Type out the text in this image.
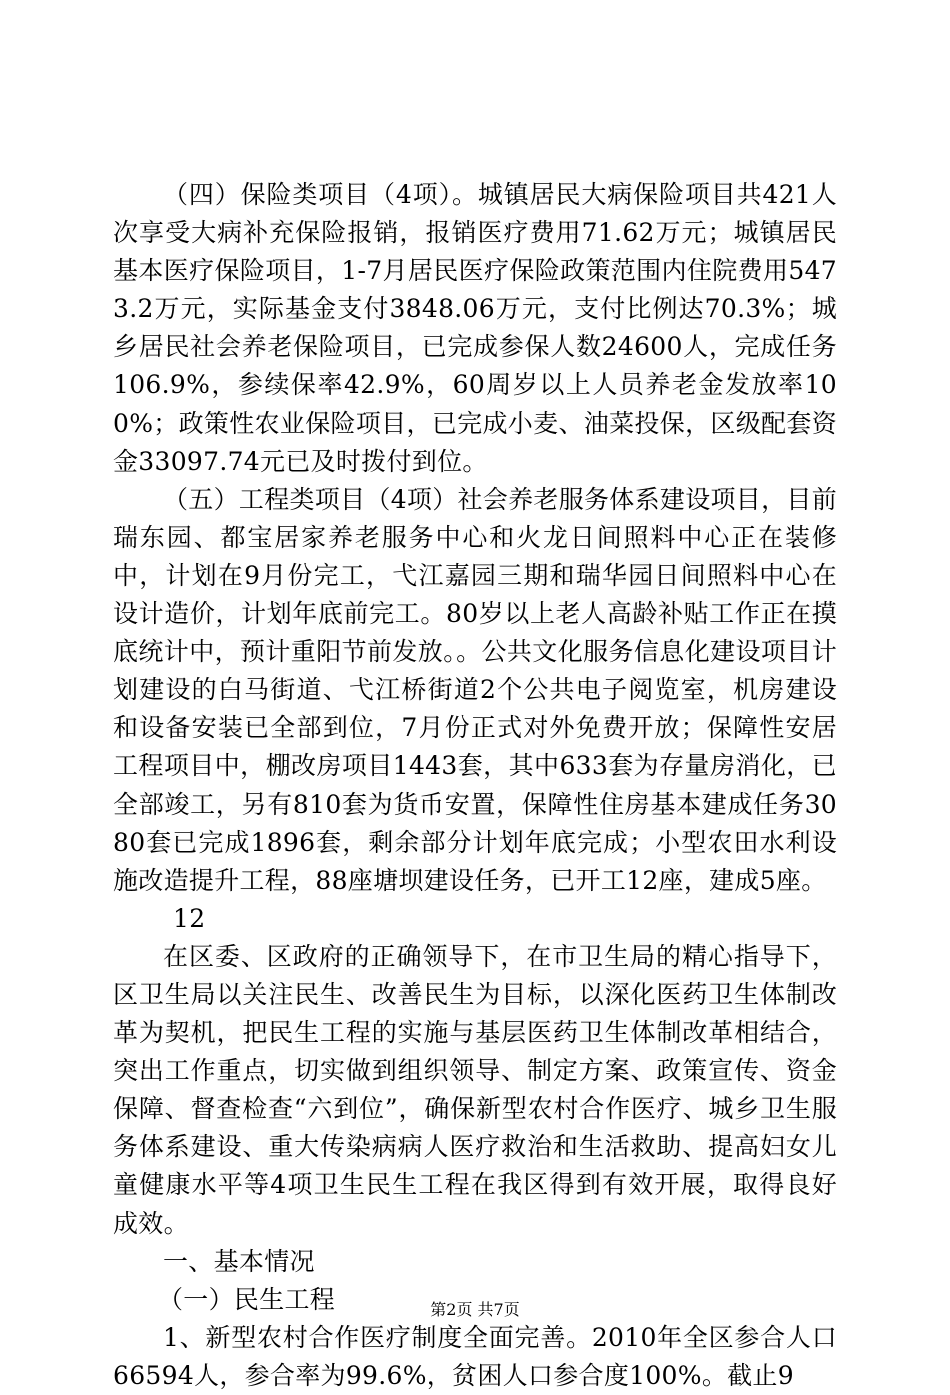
（四）保险类项目（4项）。城镇居民大病保险项目共421人次享受大病补充保险报销，报销医疗费用71.62万元；城镇居民基本医疗保险项目，1-7月居民医疗保险政策范围内住院费用5473.2万元，实际基金支付3848.06万元，支付比例达70.3%；城乡居民社会养老保险项目，已完成参保人数24600人，完成任务106.9%，参续保率42.9%，60周岁以上人员养老金发放率100%；政策性农业保险项目，已完成小麦、油菜投保，区级配套资金33097.74元已及时拨付到位。

（五）工程类项目（4项）社会养老服务体系建设项目，目前瑞东园、都宝居家养老服务中心和火龙日间照料中心正在装修中，计划在9月份完工，弋江嘉园三期和瑞华园日间照料中心在设计造价，计划年底前完工。80岁以上老人高龄补贴工作正在摸底统计中，预计重阳节前发放。。公共文化服务信息化建设项目计划建设的白马街道、弋江桥街道2个公共电子阅览室，机房建设和设备安装已全部到位，7月份正式对外免费开放；保障性安居工程项目中，棚改房项目1443套，其中633套为存量房消化，已全部竣工，另有810套为货币安置，保障性住房基本建成任务3080套已完成1896套，剩余部分计划年底完成；小型农田水利设施改造提升工程，88座塘坝建设任务，已开工12座，建成5座。

12

在区委、区政府的正确领导下，在市卫生局的精心指导下，区卫生局以关注民生、改善民生为目标，以深化医药卫生体制改革为契机，把民生工程的实施与基层医药卫生体制改革相结合，突出工作重点，切实做到组织领导、制定方案、政策宣传、资金保障、督查检查“六到位”，确保新型农村合作医疗、城乡卫生服务体系建设、重大传染病病人医疗救治和生活救助、提高妇女儿童健康水平等4项卫生民生工程在我区得到有效开展，取得良好成效。

一、基本情况

（一）民生工程

1、新型农村合作医疗制度全面完善。2010年全区参合人口66594人，参合率为99.6%，贫困人口参合度100%。截止9

第2页 共7页
